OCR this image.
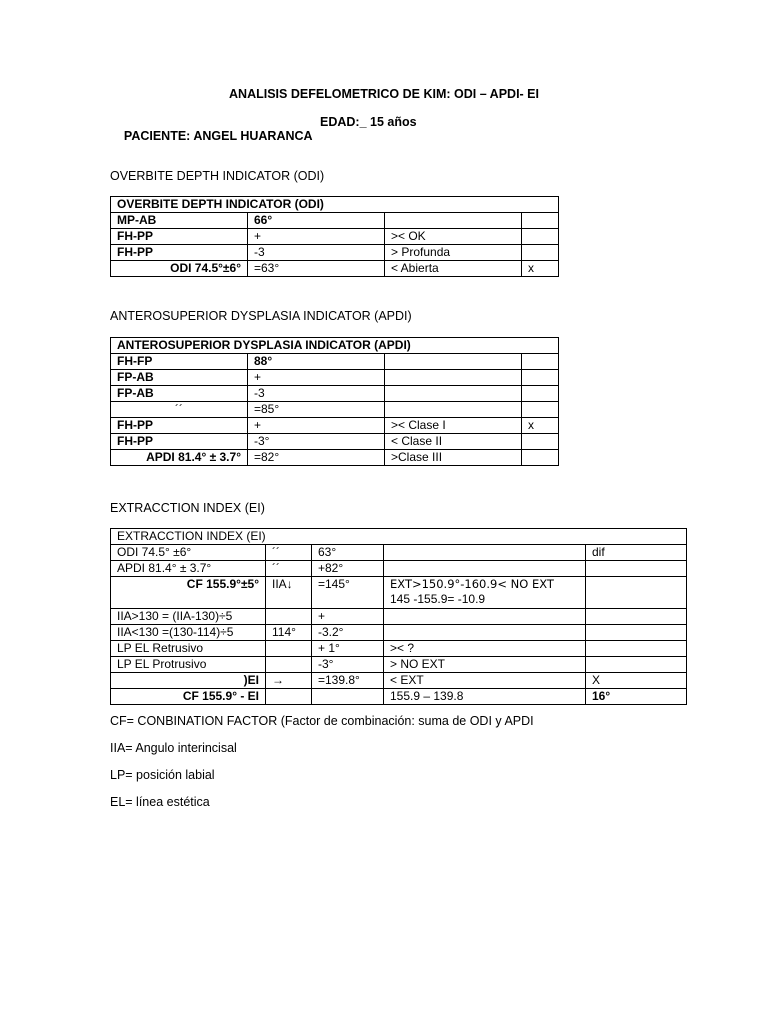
ANALISIS DEFELOMETRICO DE KIM: ODI – APDI- EI

PACIENTE: ANGEL HUARANCA

EDAD:_ 15 años

OVERBITE DEPTH INDICATOR (ODI)
OVERBITE DEPTH INDICATOR (ODI)			
MP-AB	66°		
FH-PP	+	>< OK	
FH-PP	-3	> Profunda	
ODI 74.5°±6°	=63°	< Abierta	x
ANTEROSUPERIOR DYSPLASIA INDICATOR (APDI)
ANTEROSUPERIOR DYSPLASIA INDICATOR (APDI)			
FH-FP	88°		
FP-AB	+		
FP-AB	-3		
´´	=85°		
FH-PP	+	>< Clase I	x
FH-PP	-3°	< Clase II	
APDI 81.4° ± 3.7°	=82°	>Clase III	
EXTRACCTION INDEX (EI)
EXTRACCTION INDEX (EI)				
ODI 74.5° ±6°	´´	63°		dif
APDI 81.4° ± 3.7°	´´	+82°		
CF 155.9°±5°	IIA↓	=145°	EXT>150.9°-160.9< NO EXT
145 -155.9= -10.9	

IIA>130 = (IIA-130)÷5		+		
IIA<130 =(130-114)÷5	114°	-3.2°		
LP EL Retrusivo		+ 1°	>< ?	
LP EL Protrusivo		-3°	> NO EXT	
)EI	→	=139.8°	< EXT	X
CF 155.9° - EI			155.9 – 139.8	16°
CF= CONBINATION FACTOR (Factor de combinación: suma de ODI y APDI
IIA= Angulo interincisal
LP= posición labial
EL= línea estética
